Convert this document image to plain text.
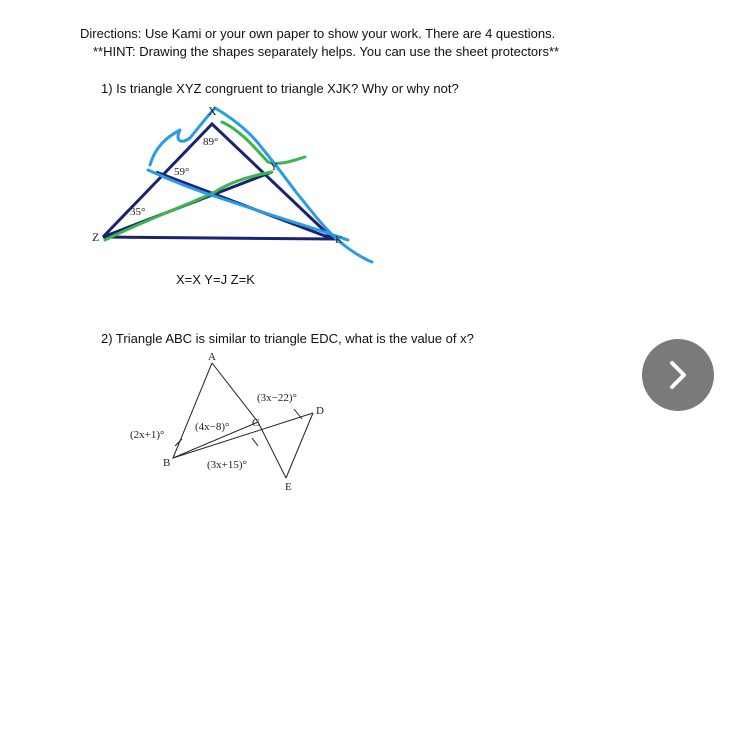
Directions: Use Kami or your own paper to show your work. There are 4 questions.
**HINT: Drawing the shapes separately helps. You can use the sheet protectors**
1) Is triangle XYZ congruent to triangle XJK? Why or why not?
X
Y
Z	K
89°
59°
35°
A
B
C
D
E
(2x+1)°
(4x−8)°
(3x−22)°
(3x+15)°
X=X Y=J Z=K
2) Triangle ABC is similar to triangle EDC, what is the value of x?
